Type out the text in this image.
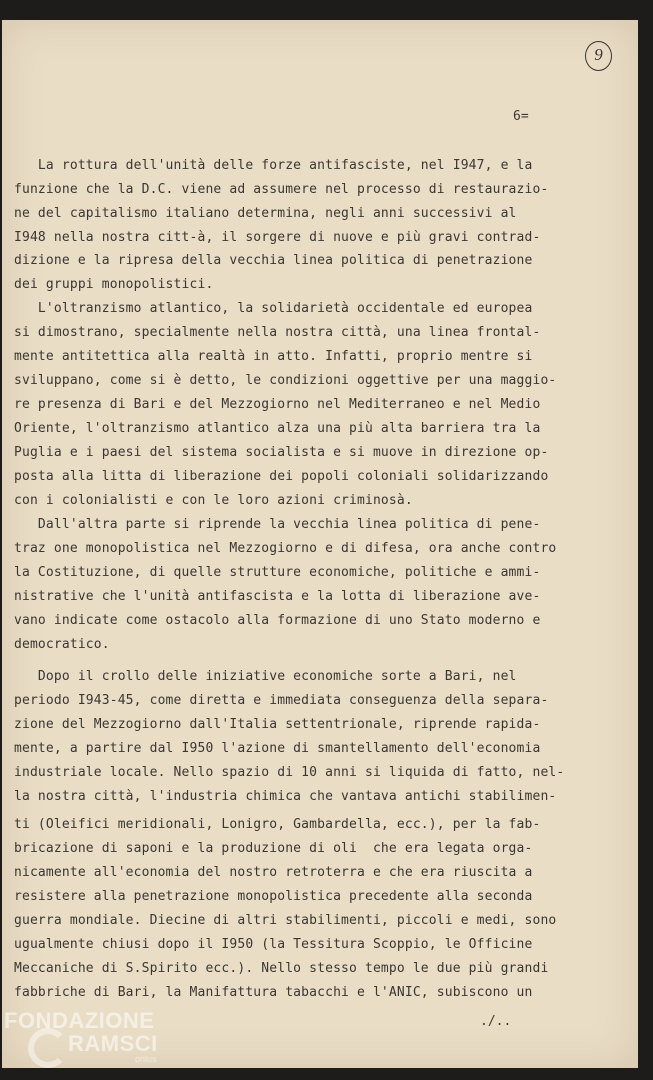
9
6=
La rottura dell'unità delle forze antifasciste, nel I947, e la
funzione che la D.C. viene ad assumere nel processo di restaurazio-
ne del capitalismo italiano determina, negli anni successivi al
I948 nella nostra citt-à, il sorgere di nuove e più gravi contrad-
dizione e la ripresa della vecchia linea politica di penetrazione
dei gruppi monopolistici.
L'oltranzismo atlantico, la solidarietà occidentale ed europea
si dimostrano, specialmente nella nostra città, una linea frontal-
mente antitettica alla realtà in atto. Infatti, proprio mentre si
sviluppano, come si è detto, le condizioni oggettive per una maggio-
re presenza di Bari e del Mezzogiorno nel Mediterraneo e nel Medio
Oriente, l'oltranzismo atlantico alza una più alta barriera tra la
Puglia e i paesi del sistema socialista e si muove in direzione op-
posta alla litta di liberazione dei popoli coloniali solidarizzando
con i colonialisti e con le loro azioni criminosà.
Dall'altra parte si riprende la vecchia linea politica di pene-
traz one monopolistica nel Mezzogiorno e di difesa, ora anche contro
la Costituzione, di quelle strutture economiche, politiche e ammi-
nistrative che l'unità antifascista e la lotta di liberazione ave-
vano indicate come ostacolo alla formazione di uno Stato moderno e
democratico.
Dopo il crollo delle iniziative economiche sorte a Bari, nel
periodo I943-45, come diretta e immediata conseguenza della separa-
zione del Mezzogiorno dall'Italia settentrionale, riprende rapida-
mente, a partire dal I950 l'azione di smantellamento dell'economia
industriale locale. Nello spazio di 10 anni si liquida di fatto, nel-
la nostra città, l'industria chimica che vantava antichi stabilimen-
ti (Oleifici meridionali, Lonigro, Gambardella, ecc.), per la fab-
bricazione di saponi e la produzione di oli  che era legata orga-
nicamente all'economia del nostro retroterra e che era riuscita a
resistere alla penetrazione monopolistica precedente alla seconda
guerra mondiale. Diecine di altri stabilimenti, piccoli e medi, sono
ugualmente chiusi dopo il I950 (la Tessitura Scoppio, le Officine
Meccaniche di S.Spirito ecc.). Nello stesso tempo le due più grandi
fabbriche di Bari, la Manifattura tabacchi e l'ANIC, subiscono un
./..
FONDAZIONE
RAMSCI
onlus
